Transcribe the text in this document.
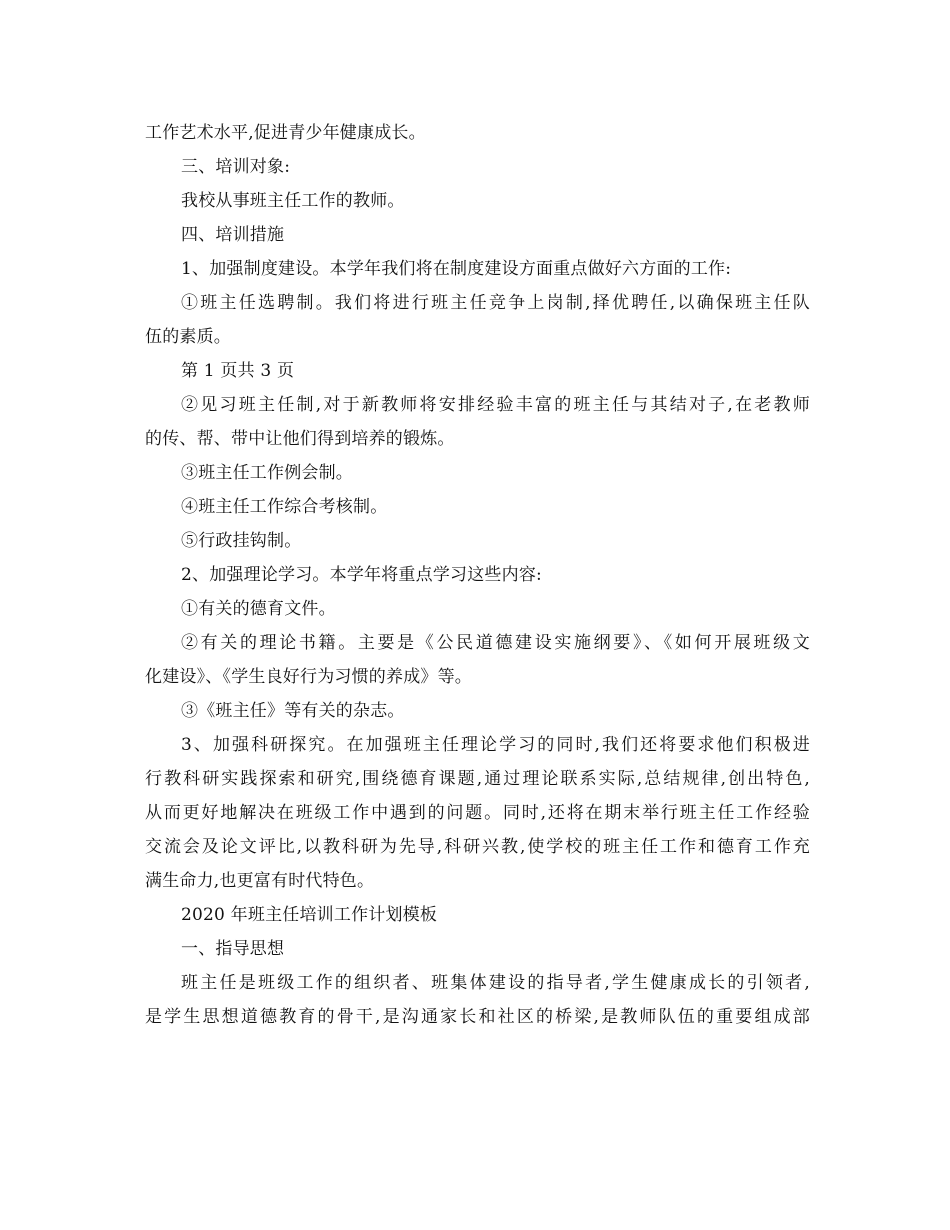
工作艺术水平,促进青少年健康成长。
三、培训对象:
我校从事班主任工作的教师。
四、培训措施
1、加强制度建设。本学年我们将在制度建设方面重点做好六方面的工作:
①班主任选聘制。我们将进行班主任竞争上岗制,择优聘任,以确保班主任队
伍的素质。
第 1 页共 3 页
②见习班主任制,对于新教师将安排经验丰富的班主任与其结对子,在老教师
的传、帮、带中让他们得到培养的锻炼。
③班主任工作例会制。
④班主任工作综合考核制。
⑤行政挂钩制。
2、加强理论学习。本学年将重点学习这些内容:
①有关的德育文件。
②有关的理论书籍。主要是《公民道德建设实施纲要》、《如何开展班级文
化建设》、《学生良好行为习惯的养成》等。
③《班主任》等有关的杂志。
3、加强科研探究。在加强班主任理论学习的同时,我们还将要求他们积极进
行教科研实践探索和研究,围绕德育课题,通过理论联系实际,总结规律,创出特色,
从而更好地解决在班级工作中遇到的问题。同时,还将在期末举行班主任工作经验
交流会及论文评比,以教科研为先导,科研兴教,使学校的班主任工作和德育工作充
满生命力,也更富有时代特色。
2020 年班主任培训工作计划模板
一、指导思想
班主任是班级工作的组织者、班集体建设的指导者,学生健康成长的引领者,
是学生思想道德教育的骨干,是沟通家长和社区的桥梁,是教师队伍的重要组成部
